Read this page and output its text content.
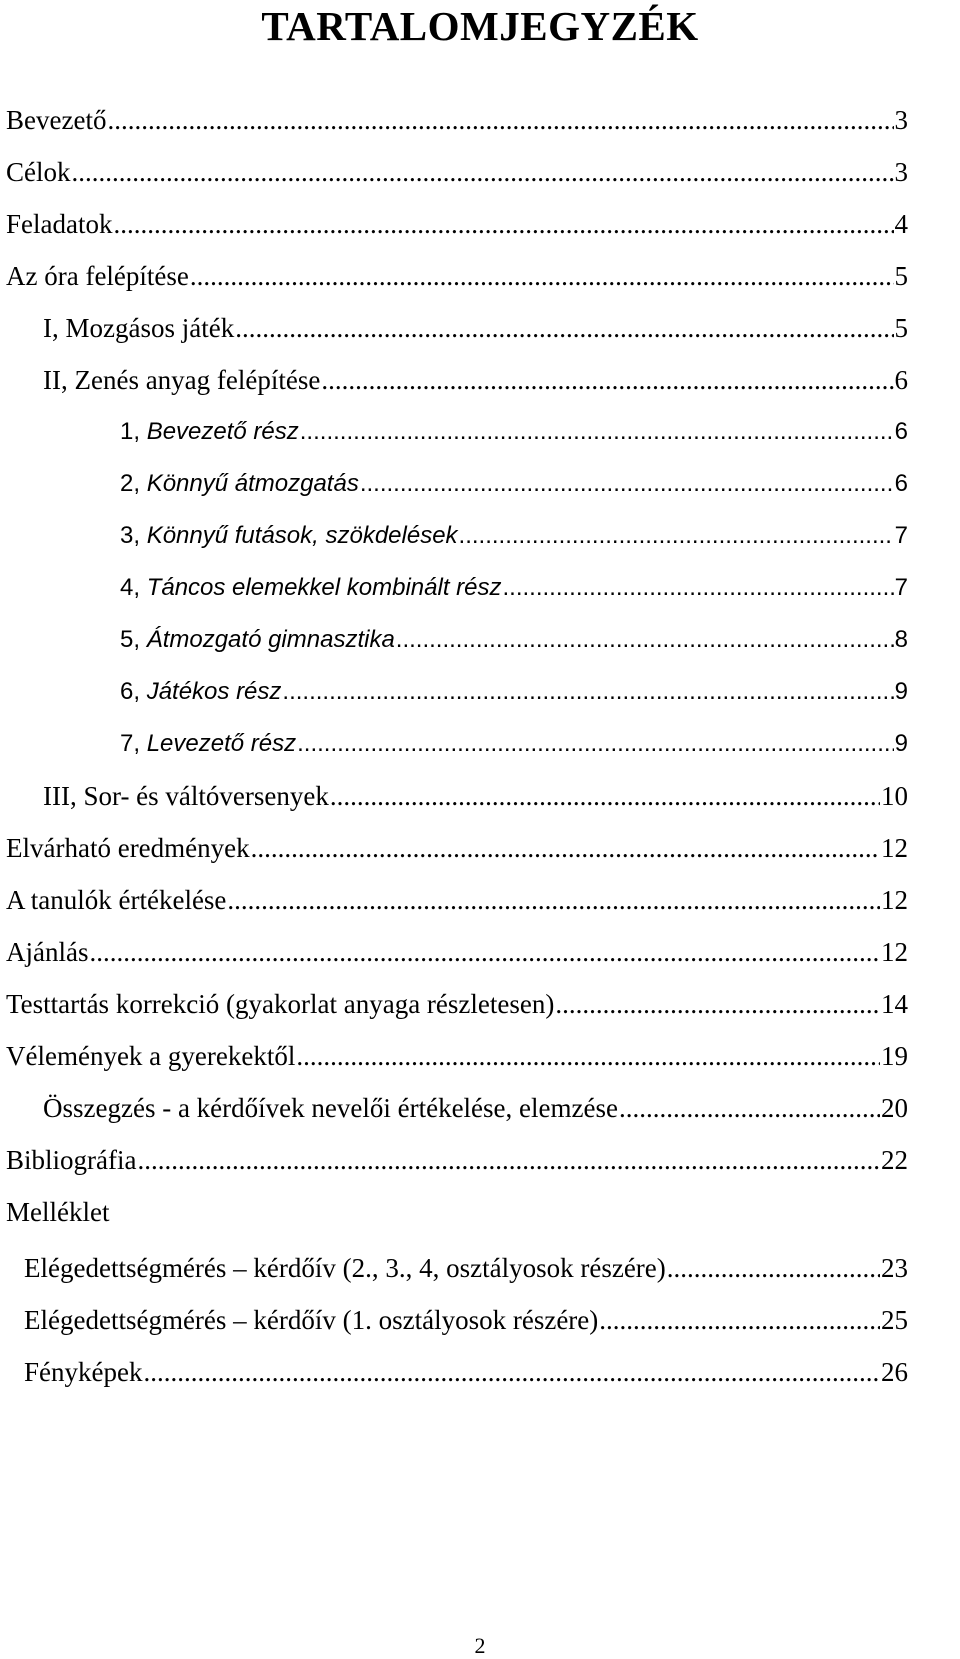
TARTALOMJEGYZÉK
Bevezető .....	3
Célok .....	3
Feladatok .....	4
Az óra felépítése .....	5
I, Mozgásos játék .....	5
II, Zenés anyag felépítése .....	6
1, Bevezető rész .....	6
2, Könnyű átmozgatás .....	6
3, Könnyű futások, szökdelések .....	7
4, Táncos elemekkel kombinált rész .....	7
5, Átmozgató gimnasztika .....	8
6, Játékos rész .....	9
7, Levezető rész .....	9
III, Sor- és váltóversenyek .....	10
Elvárható eredmények .....	12
A tanulók értékelése .....	12
Ajánlás .....	12
Testtartás korrekció (gyakorlat anyaga részletesen) .....	14
Vélemények a gyerekektől .....	19
Összegzés - a kérdőívek nevelői értékelése, elemzése .....	20
Bibliográfia .....	22
Melléklet
Elégedettségmérés – kérdőív (2., 3., 4, osztályosok részére) .....	23
Elégedettségmérés – kérdőív (1. osztályosok részére) .....	25
Fényképek .....	26
2
